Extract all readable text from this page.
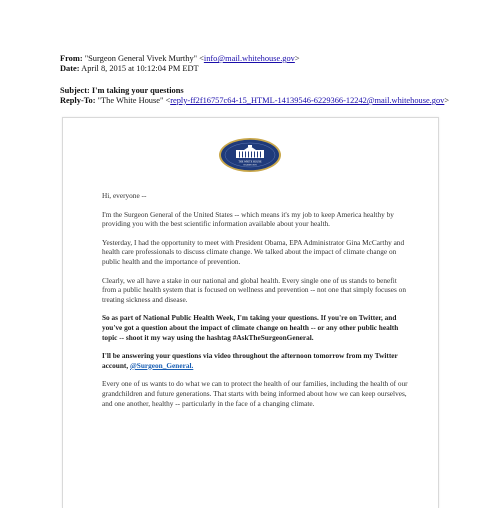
From: "Surgeon General Vivek Murthy" <info@mail.whitehouse.gov>
Date: April 8, 2015 at 10:12:04 PM EDT
Subject: I'm taking your questions
Reply-To: "The White House" <reply-ff2f16757c64-15_HTML-14139546-6229366-12242@mail.whitehouse.gov>
THE WHITE HOUSE
WASHINGTON

Hi, everyone --

I'm the Surgeon General of the United States -- which means it's my job to keep America healthy by providing you with the best scientific information available about your health.

Yesterday, I had the opportunity to meet with President Obama, EPA Administrator Gina McCarthy and health care professionals to discuss climate change. We talked about the impact of climate change on public health and the importance of prevention.

Clearly, we all have a stake in our national and global health. Every single one of us stands to benefit from a public health system that is focused on wellness and prevention -- not one that simply focuses on treating sickness and disease.

So as part of National Public Health Week, I'm taking your questions. If you're on Twitter, and you've got a question about the impact of climate change on health -- or any other public health topic -- shoot it my way using the hashtag #AskTheSurgeonGeneral.

I'll be answering your questions via video throughout the afternoon tomorrow from my Twitter account, @Surgeon_General.

Every one of us wants to do what we can to protect the health of our families, including the health of our grandchildren and future generations. That starts with being informed about how we can keep ourselves, and one another, healthy -- particularly in the face of a changing climate.
